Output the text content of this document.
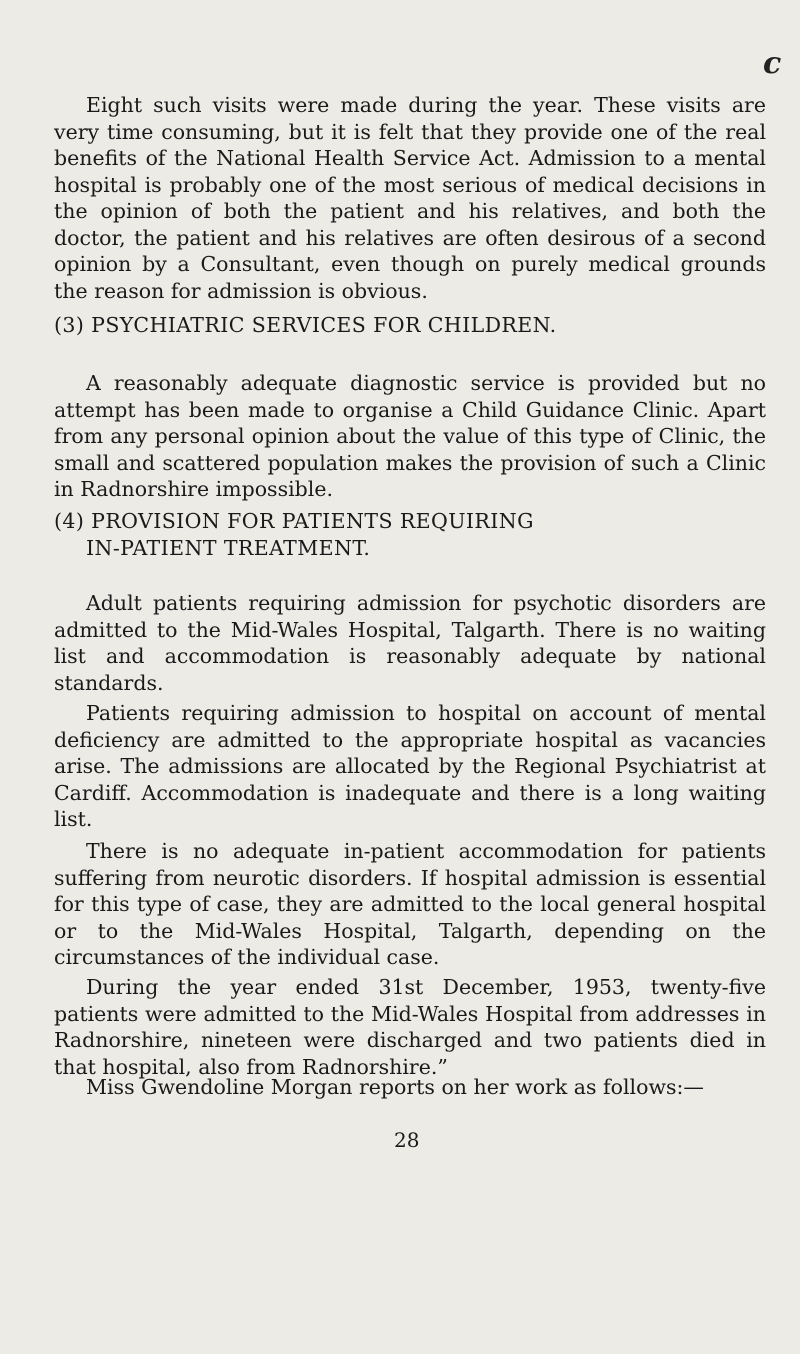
c

Eight such visits were made during the year. These visits are very time consuming, but it is felt that they provide one of the real benefits of the National Health Service Act. Admission to a mental hospital is probably one of the most serious of medical decisions in the opinion of both the patient and his relatives, and both the doctor, the patient and his relatives are often desirous of a second opinion by a Consultant, even though on purely medical grounds the reason for admission is obvious.

(3) PSYCHIATRIC SERVICES FOR CHILDREN.

A reasonably adequate diagnostic service is provided but no attempt has been made to organise a Child Guidance Clinic. Apart from any personal opinion about the value of this type of Clinic, the small and scattered population makes the provision of such a Clinic in Radnorshire impossible.

(4) PROVISION FOR PATIENTS REQUIRING
IN-PATIENT TREATMENT.

Adult patients requiring admission for psychotic disorders are admitted to the Mid-Wales Hospital, Talgarth. There is no waiting list and accommodation is reasonably adequate by national standards.

Patients requiring admission to hospital on account of mental deficiency are admitted to the appropriate hospital as vacancies arise. The admissions are allocated by the Regional Psychiatrist at Cardiff. Accommodation is inadequate and there is a long waiting list.

There is no adequate in-patient accommodation for patients suffering from neurotic disorders. If hospital admission is essential for this type of case, they are admitted to the local general hospital or to the Mid-Wales Hospital, Talgarth, depending on the circumstances of the individual case.

During the year ended 31st December, 1953, twenty-five patients were admitted to the Mid-Wales Hospital from addresses in Radnorshire, nineteen were discharged and two patients died in that hospital, also from Radnorshire.”

Miss Gwendoline Morgan reports on her work as follows:—

28
